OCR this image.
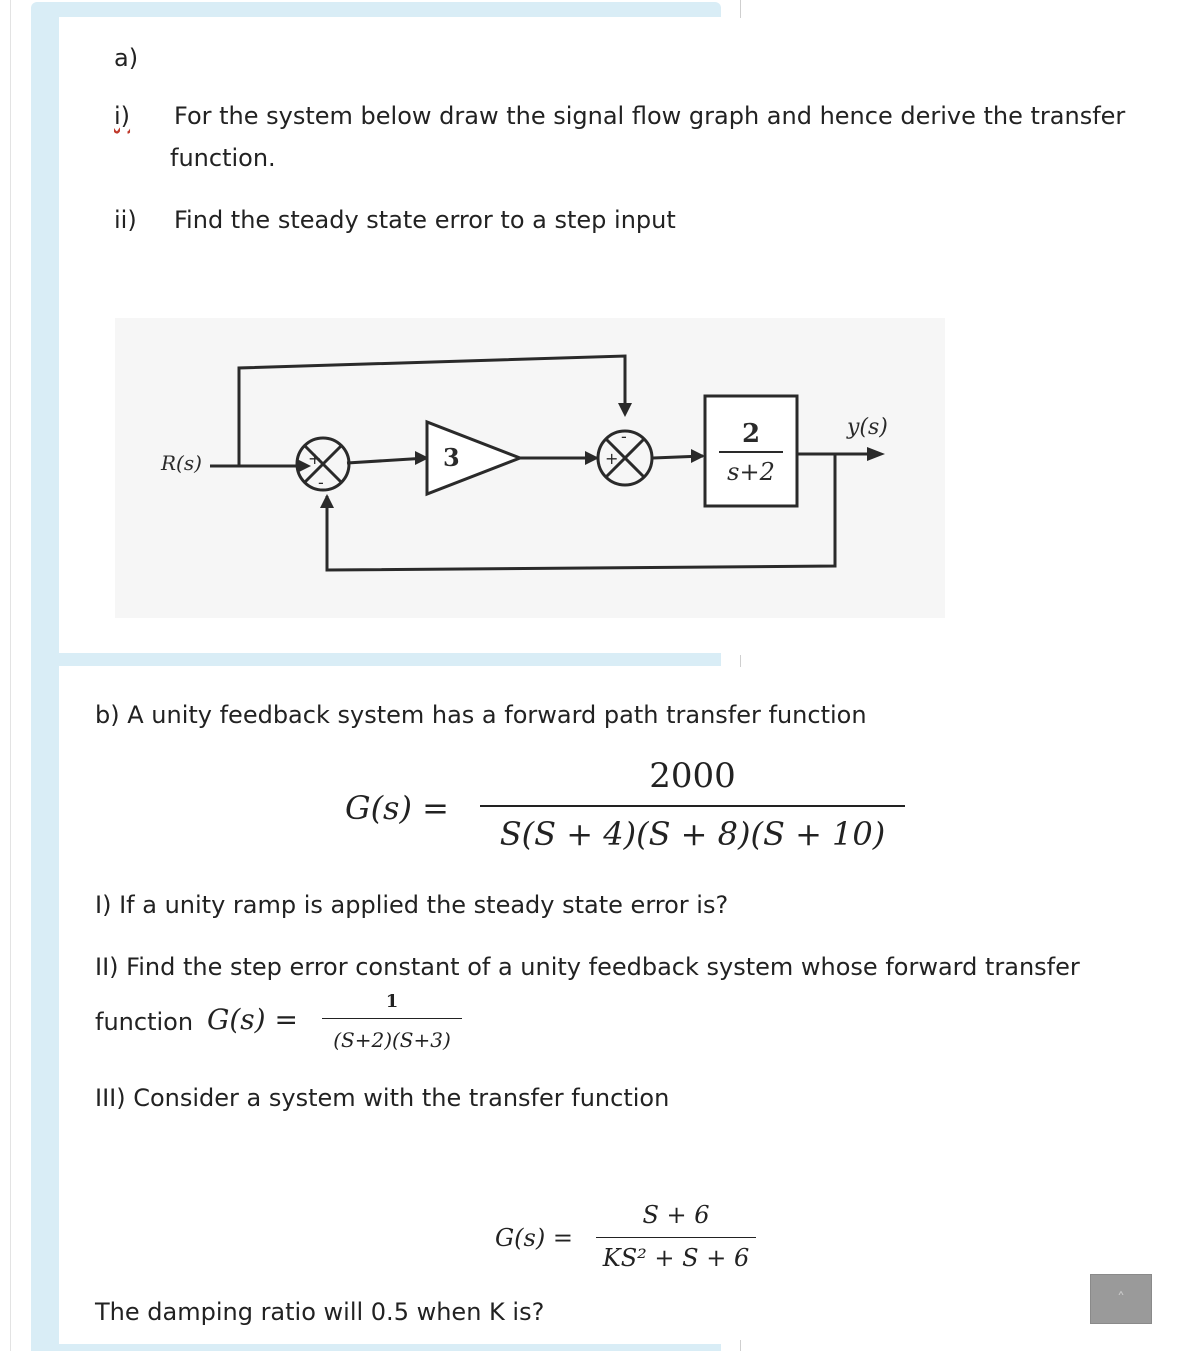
a)
i) For the system below draw the signal flow graph and hence derive the transfer
function.
ii) Find the steady state error to a step input
+
-
3	+
-	2
s+2
R(s)
y(s)
b) A unity feedback system has a forward path transfer function
G(s) =
2000
S(S + 4)(S + 8)(S + 10)
I) If a unity ramp is applied the steady state error is?
II) Find the step error constant of a unity feedback system whose forward transfer
function G(s) =
1
(S+2)(S+3)
III) Consider a system with the transfer function
G(s) =
S + 6
KS² + S + 6
The damping ratio will 0.5 when K is?	˄
